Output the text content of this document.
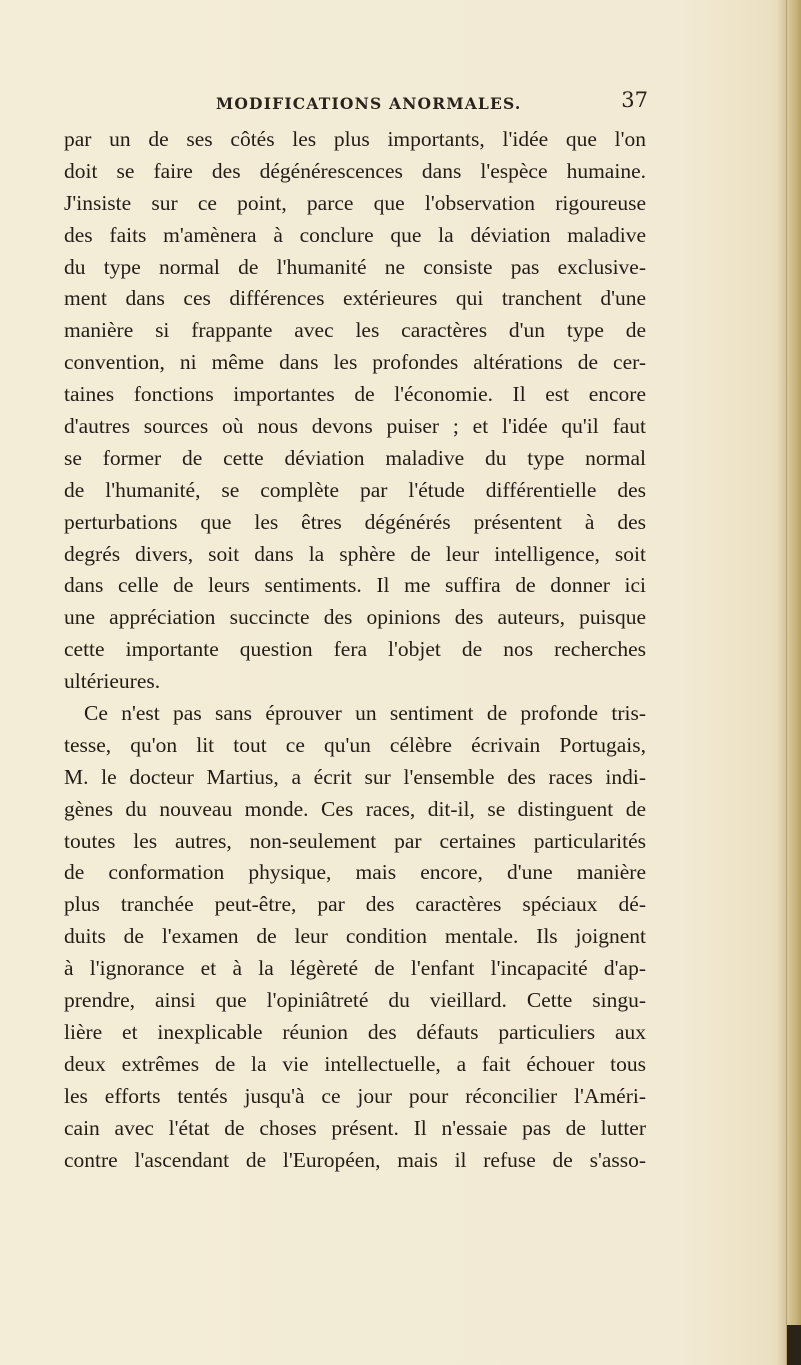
MODIFICATIONS ANORMALES.	37
par un de ses côtés les plus importants, l'idée que l'on
doit se faire des dégénérescences dans l'espèce humaine.
J'insiste sur ce point, parce que l'observation rigoureuse
des faits m'amènera à conclure que la déviation maladive
du type normal de l'humanité ne consiste pas exclusive-
ment dans ces différences extérieures qui tranchent d'une
manière si frappante avec les caractères d'un type de
convention, ni même dans les profondes altérations de cer-
taines fonctions importantes de l'économie. Il est encore
d'autres sources où nous devons puiser ; et l'idée qu'il faut
se former de cette déviation maladive du type normal
de l'humanité, se complète par l'étude différentielle des
perturbations que les êtres dégénérés présentent à des
degrés divers, soit dans la sphère de leur intelligence, soit
dans celle de leurs sentiments. Il me suffira de donner ici
une appréciation succincte des opinions des auteurs, puisque
cette importante question fera l'objet de nos recherches
ultérieures.
Ce n'est pas sans éprouver un sentiment de profonde tris-
tesse, qu'on lit tout ce qu'un célèbre écrivain Portugais,
M. le docteur Martius, a écrit sur l'ensemble des races indi-
gènes du nouveau monde. Ces races, dit-il, se distinguent de
toutes les autres, non-seulement par certaines particularités
de conformation physique, mais encore, d'une manière
plus tranchée peut-être, par des caractères spéciaux dé-
duits de l'examen de leur condition mentale. Ils joignent
à l'ignorance et à la légèreté de l'enfant l'incapacité d'ap-
prendre, ainsi que l'opiniâtreté du vieillard. Cette singu-
lière et inexplicable réunion des défauts particuliers aux
deux extrêmes de la vie intellectuelle, a fait échouer tous
les efforts tentés jusqu'à ce jour pour réconcilier l'Améri-
cain avec l'état de choses présent. Il n'essaie pas de lutter
contre l'ascendant de l'Européen, mais il refuse de s'asso-
